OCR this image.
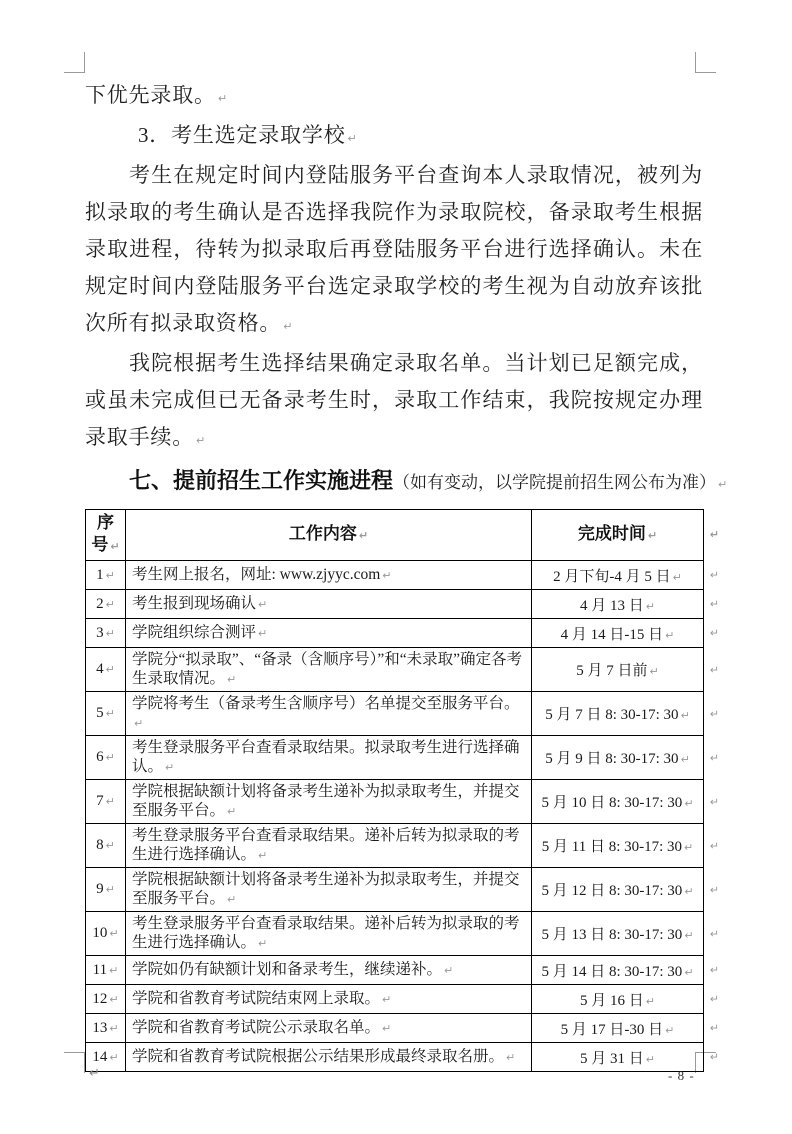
下优先录取。 ↵

3．考生选定录取学校 ↵

考生在规定时间内登陆服务平台查询本人录取情况，被列为拟录取的考生确认是否选择我院作为录取院校，备录取考生根据录取进程，待转为拟录取后再登陆服务平台进行选择确认。未在规定时间内登陆服务平台选定录取学校的考生视为自动放弃该批次所有拟录取资格。 ↵

我院根据考生选择结果确定录取名单。当计划已足额完成，或虽未完成但已无备录考生时，录取工作结束，我院按规定办理录取手续。 ↵

七、提前招生工作实施进程（如有变动，以学院提前招生网公布为准） ↵

序号 ↵	工作内容 ↵	完成时间 ↵ ↵

1 ↵	考生网上报名，网址: www.zjyyc.com ↵	2 月下旬-4 月 5 日 ↵ ↵

2 ↵	考生报到现场确认 ↵	4 月 13 日 ↵ ↵

3 ↵	学院组织综合测评 ↵	4 月 14 日-15 日 ↵ ↵

4 ↵	学院分“拟录取”、“备录（含顺序号）”和“未录取”确定各考生录取情况。 ↵	5 月 7 日前 ↵ ↵

5 ↵	学院将考生（备录考生含顺序号）名单提交至服务平台。↵	5 月 7 日 8: 30-17: 30 ↵ ↵

6 ↵	考生登录服务平台查看录取结果。拟录取考生进行选择确认。 ↵	5 月 9 日 8: 30-17: 30 ↵ ↵

7 ↵	学院根据缺额计划将备录考生递补为拟录取考生，并提交至服务平台。 ↵	5 月 10 日 8: 30-17: 30 ↵ ↵

8 ↵	考生登录服务平台查看录取结果。递补后转为拟录取的考生进行选择确认。 ↵	5 月 11 日 8: 30-17: 30 ↵ ↵

9 ↵	学院根据缺额计划将备录考生递补为拟录取考生，并提交至服务平台。 ↵	5 月 12 日 8: 30-17: 30 ↵ ↵

10 ↵	考生登录服务平台查看录取结果。递补后转为拟录取的考生进行选择确认。 ↵	5 月 13 日 8: 30-17: 30 ↵ ↵

11 ↵	学院如仍有缺额计划和备录考生，继续递补。 ↵	5 月 14 日 8: 30-17: 30 ↵ ↵

12 ↵	学院和省教育考试院结束网上录取。 ↵	5 月 16 日 ↵ ↵

13 ↵	学院和省教育考试院公示录取名单。 ↵	5 月 17 日-30 日 ↵ ↵

14 ↵	学院和省教育考试院根据公示结果形成最终录取名册。 ↵	5 月 31 日 ↵ ↵
↵	- 8 -
